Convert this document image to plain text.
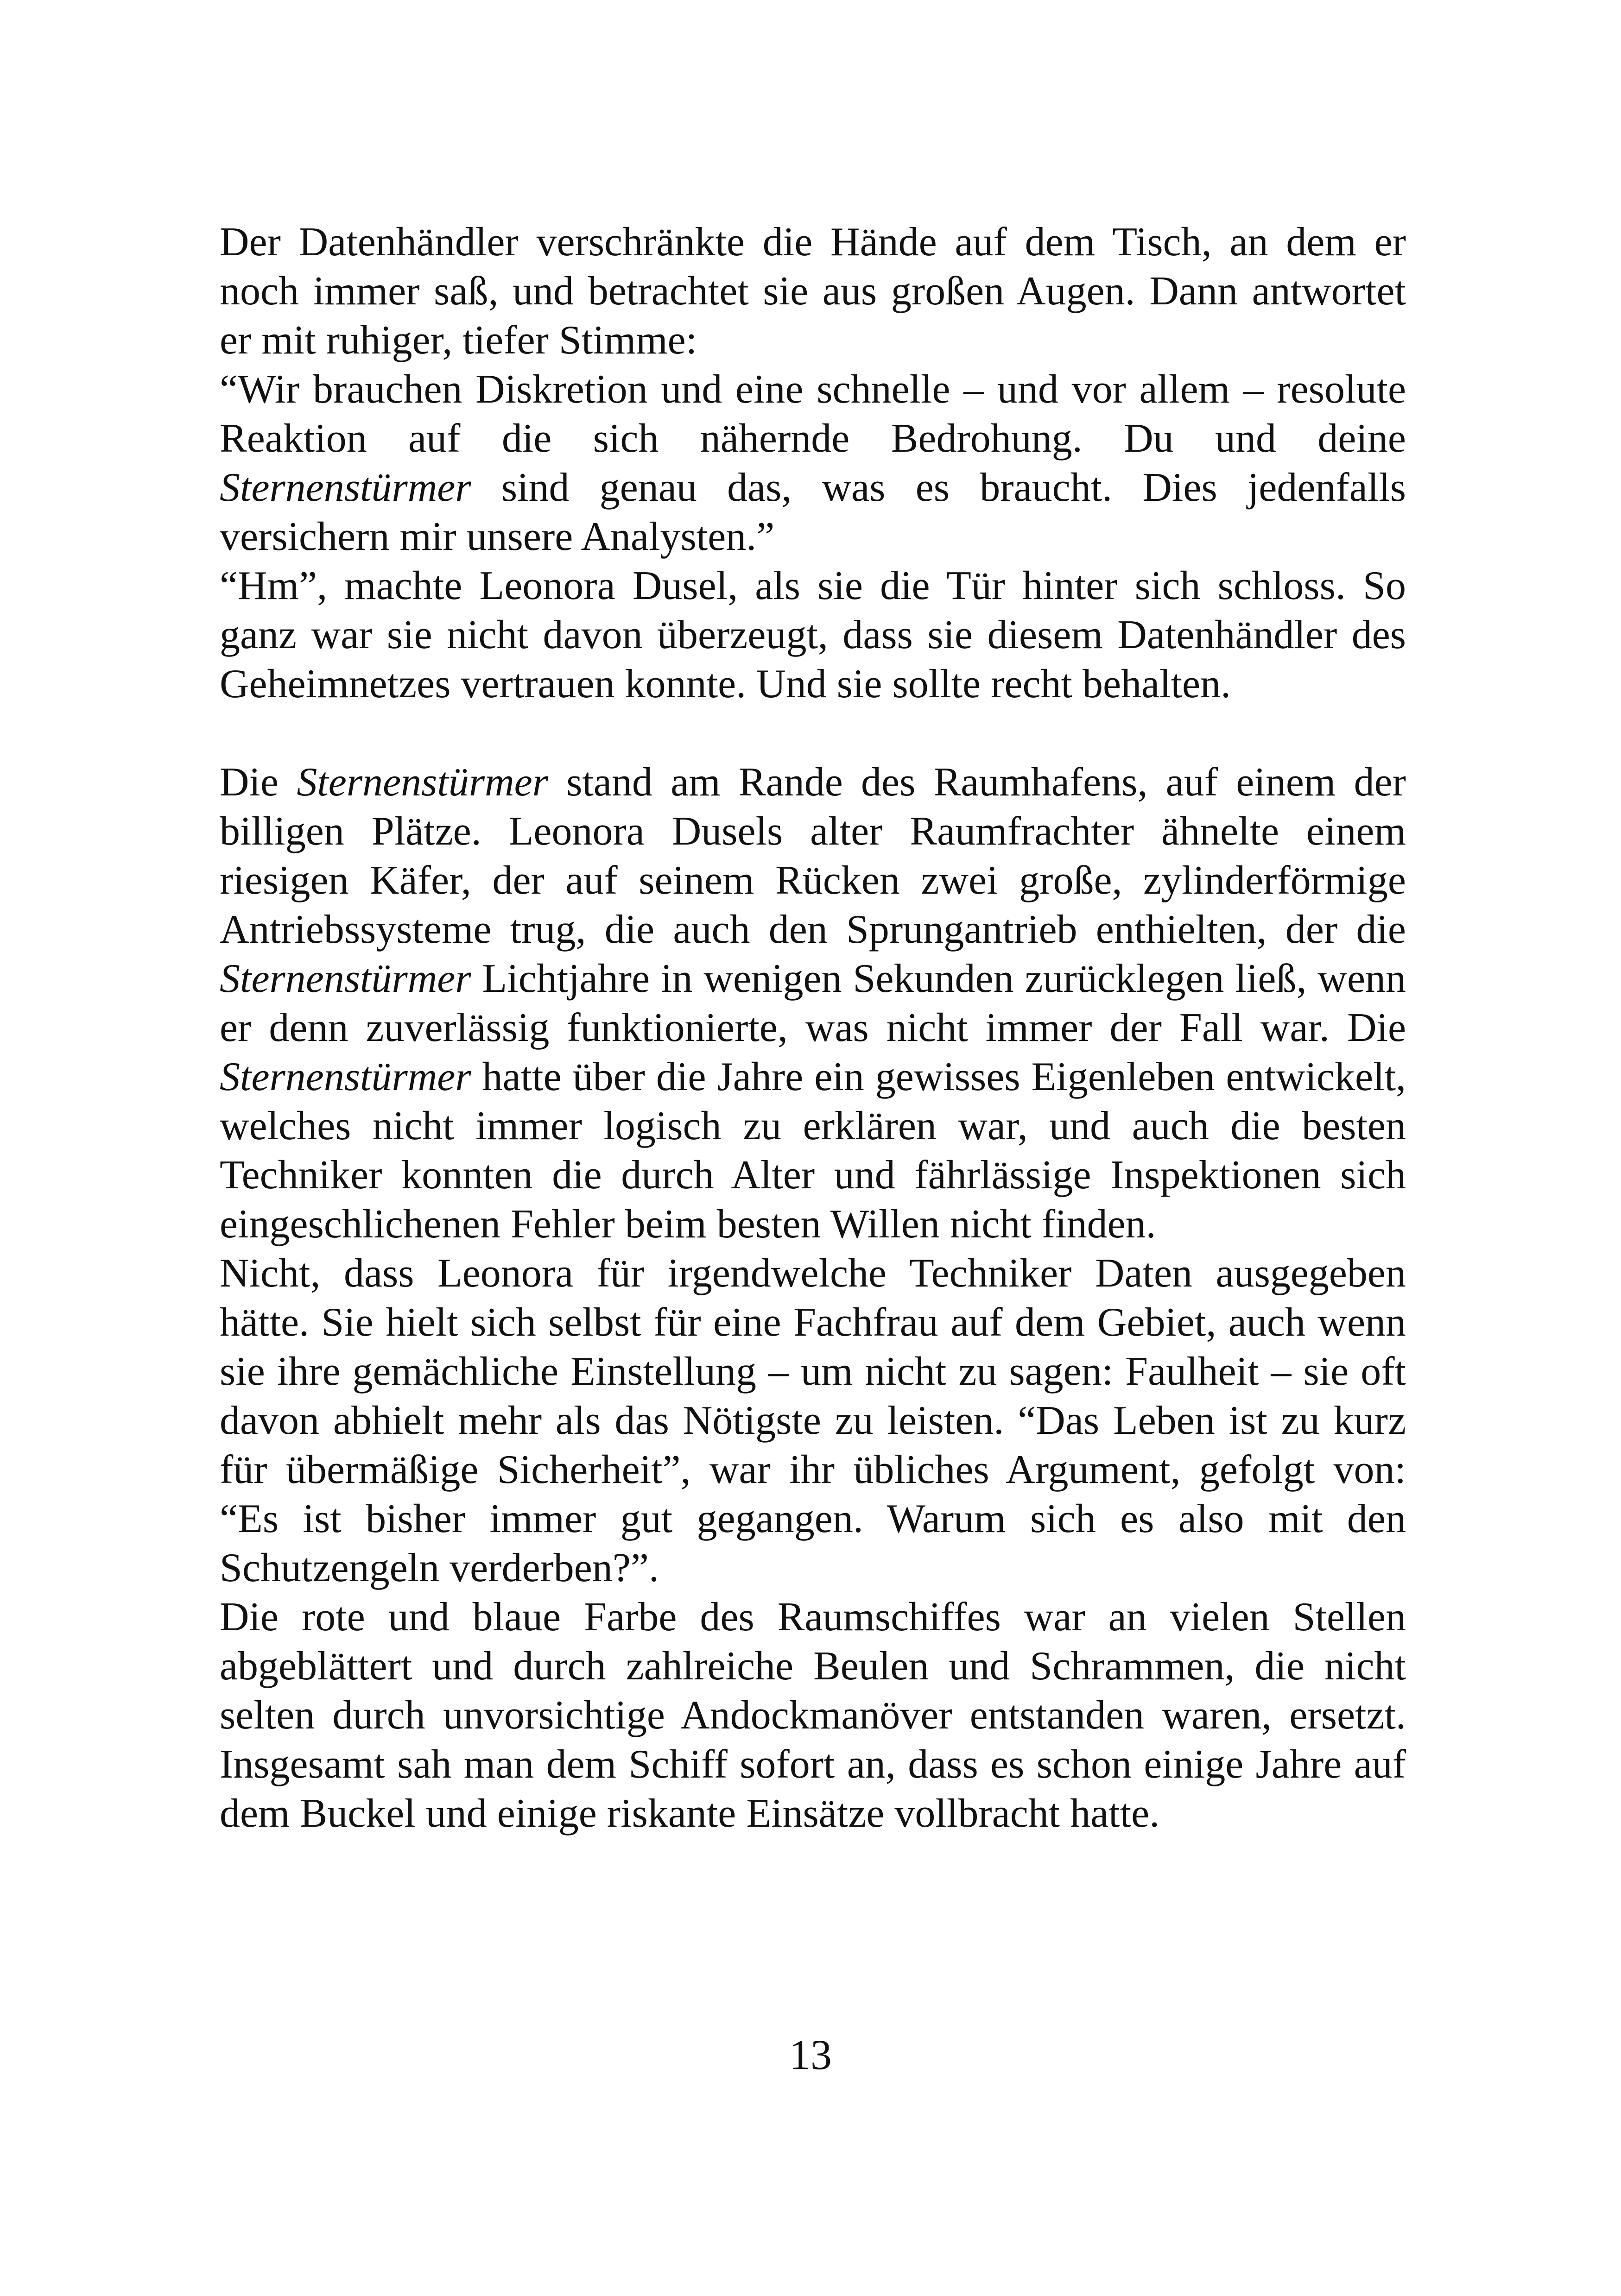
Der Datenhändler verschränkte die Hände auf dem Tisch, an dem er noch immer saß, und betrachtet sie aus großen Augen. Dann antwortet er mit ruhiger, tiefer Stimme:

“Wir brauchen Diskretion und eine schnelle – und vor allem – resolute Reaktion auf die sich nähernde Bedrohung. Du und deine Sternenstürmer sind genau das, was es braucht. Dies jedenfalls versichern mir unsere Analysten.”

“Hm”, machte Leonora Dusel, als sie die Tür hinter sich schloss. So ganz war sie nicht davon überzeugt, dass sie diesem Datenhändler des Geheimnetzes vertrauen konnte. Und sie sollte recht behalten.

Die Sternenstürmer stand am Rande des Raumhafens, auf einem der billigen Plätze. Leonora Dusels alter Raumfrachter ähnelte einem riesigen Käfer, der auf seinem Rücken zwei große, zylinderförmige Antriebssysteme trug, die auch den Sprungantrieb enthielten, der die Sternenstürmer Lichtjahre in wenigen Sekunden zurücklegen ließ, wenn er denn zuverlässig funktionierte, was nicht immer der Fall war. Die Sternenstürmer hatte über die Jahre ein gewisses Eigenleben entwickelt, welches nicht immer logisch zu erklären war, und auch die besten Techniker konnten die durch Alter und fährlässige Inspektionen sich eingeschlichenen Fehler beim besten Willen nicht finden.

Nicht, dass Leonora für irgendwelche Techniker Daten ausgegeben hätte. Sie hielt sich selbst für eine Fachfrau auf dem Gebiet, auch wenn sie ihre gemächliche Einstellung – um nicht zu sagen: Faulheit – sie oft davon abhielt mehr als das Nötigste zu leisten. “Das Leben ist zu kurz für übermäßige Sicherheit”, war ihr übliches Argument, gefolgt von: “Es ist bisher immer gut gegangen. Warum sich es also mit den Schutzengeln verderben?”.

Die rote und blaue Farbe des Raumschiffes war an vielen Stellen abgeblättert und durch zahlreiche Beulen und Schrammen, die nicht selten durch unvorsichtige Andockmanöver entstanden waren, ersetzt. Insgesamt sah man dem Schiff sofort an, dass es schon einige Jahre auf dem Buckel und einige riskante Einsätze vollbracht hatte.

13
